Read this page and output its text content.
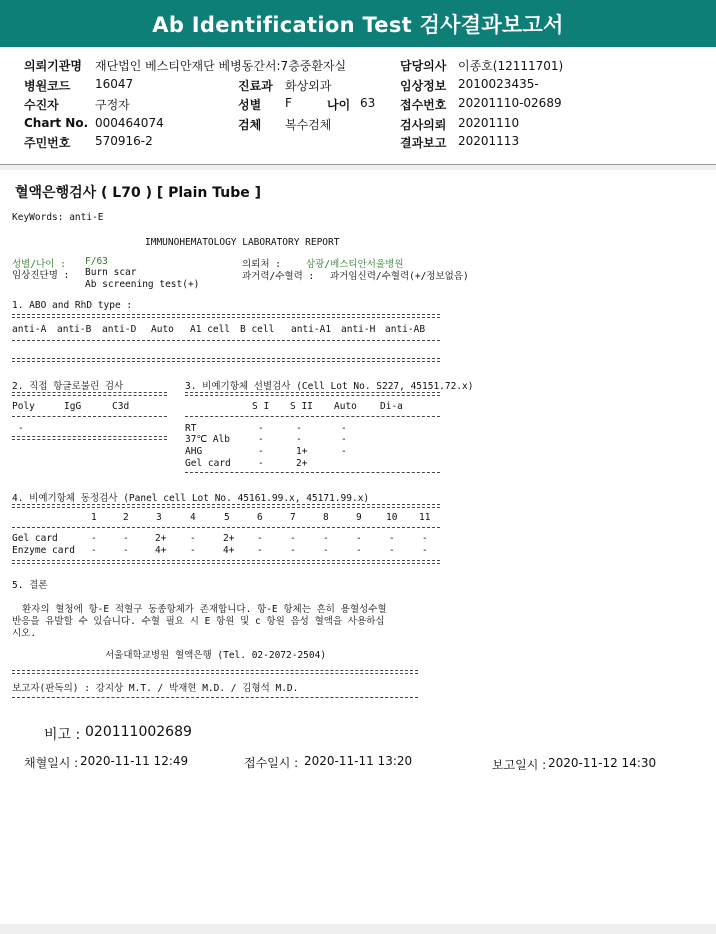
Ab Identification Test 검사결과보고서
의뢰기관명 재단법인 베스티안재단 베병동간서:7층중환자실	담당의사 이종호(12111701)
병원코드 16047	진료과 화상외과	임상정보 2010023435-
수진자	구정자	성별 F	나이 63 접수번호 20201110-02689
Chart No. 000464074	검체 복수검체	검사의뢰 20201110
주민번호 570916-2	결과보고 20201113
혈액은행검사 ( L70 ) [ Plain Tube ]
KeyWords: anti-E
IMMUNOHEMATOLOGY LABORATORY REPORT
성별/나이 : F/63
임상진단명 : Burn scar
Ab screening test(+)
의뢰처 :	삼광/베스티안서울병원
과거력/수혈력 : 과거임신력/수혈력(+/정보없음)
1. ABO and RhD type :
anti-A anti-B anti-D Auto A1 cell B cell anti-A1 anti-H anti-AB
2. 직접 항글로불린 검사
Poly	IgG	C3d
-
3. 비예기항체 선별검사 (Cell Lot No. S227, 45151.72.x)
S I S II Auto Di-a
RT	-	-	-
37℃ Alb	-	-	-
AHG	-	1+	-
Gel card	-	2+
4. 비예기항체 동정검사 (Panel cell Lot No. 45161.99.x, 45171.99.x)
1	2	3	4	5	6	7	8	9	10 11
Gel card	-	-	2+ -	2+ -	-	-	-	-	-
Enzyme card -	-	4+ -	4+ -	-	-	-	-	-
5. 결론
환자의 혈청에 항-E 적혈구 동종항체가 존재합니다. 항-E 항체는 흔히 용혈성수혈
반응을 유발할 수 있습니다. 수혈 필요 시 E 항원 및 c 항원 음성 혈액을 사용하십
시오.
서울대학교병원 혈액은행 (Tel. 02-2072-2504)
보고자(판독의) : 강지상 M.T. / 박재현 M.D. / 김형석 M.D.
비고 : 020111002689
채혈일시 : 2020-11-11 12:49	접수일시 : 2020-11-11 13:20	보고일시 : 2020-11-12 14:30
